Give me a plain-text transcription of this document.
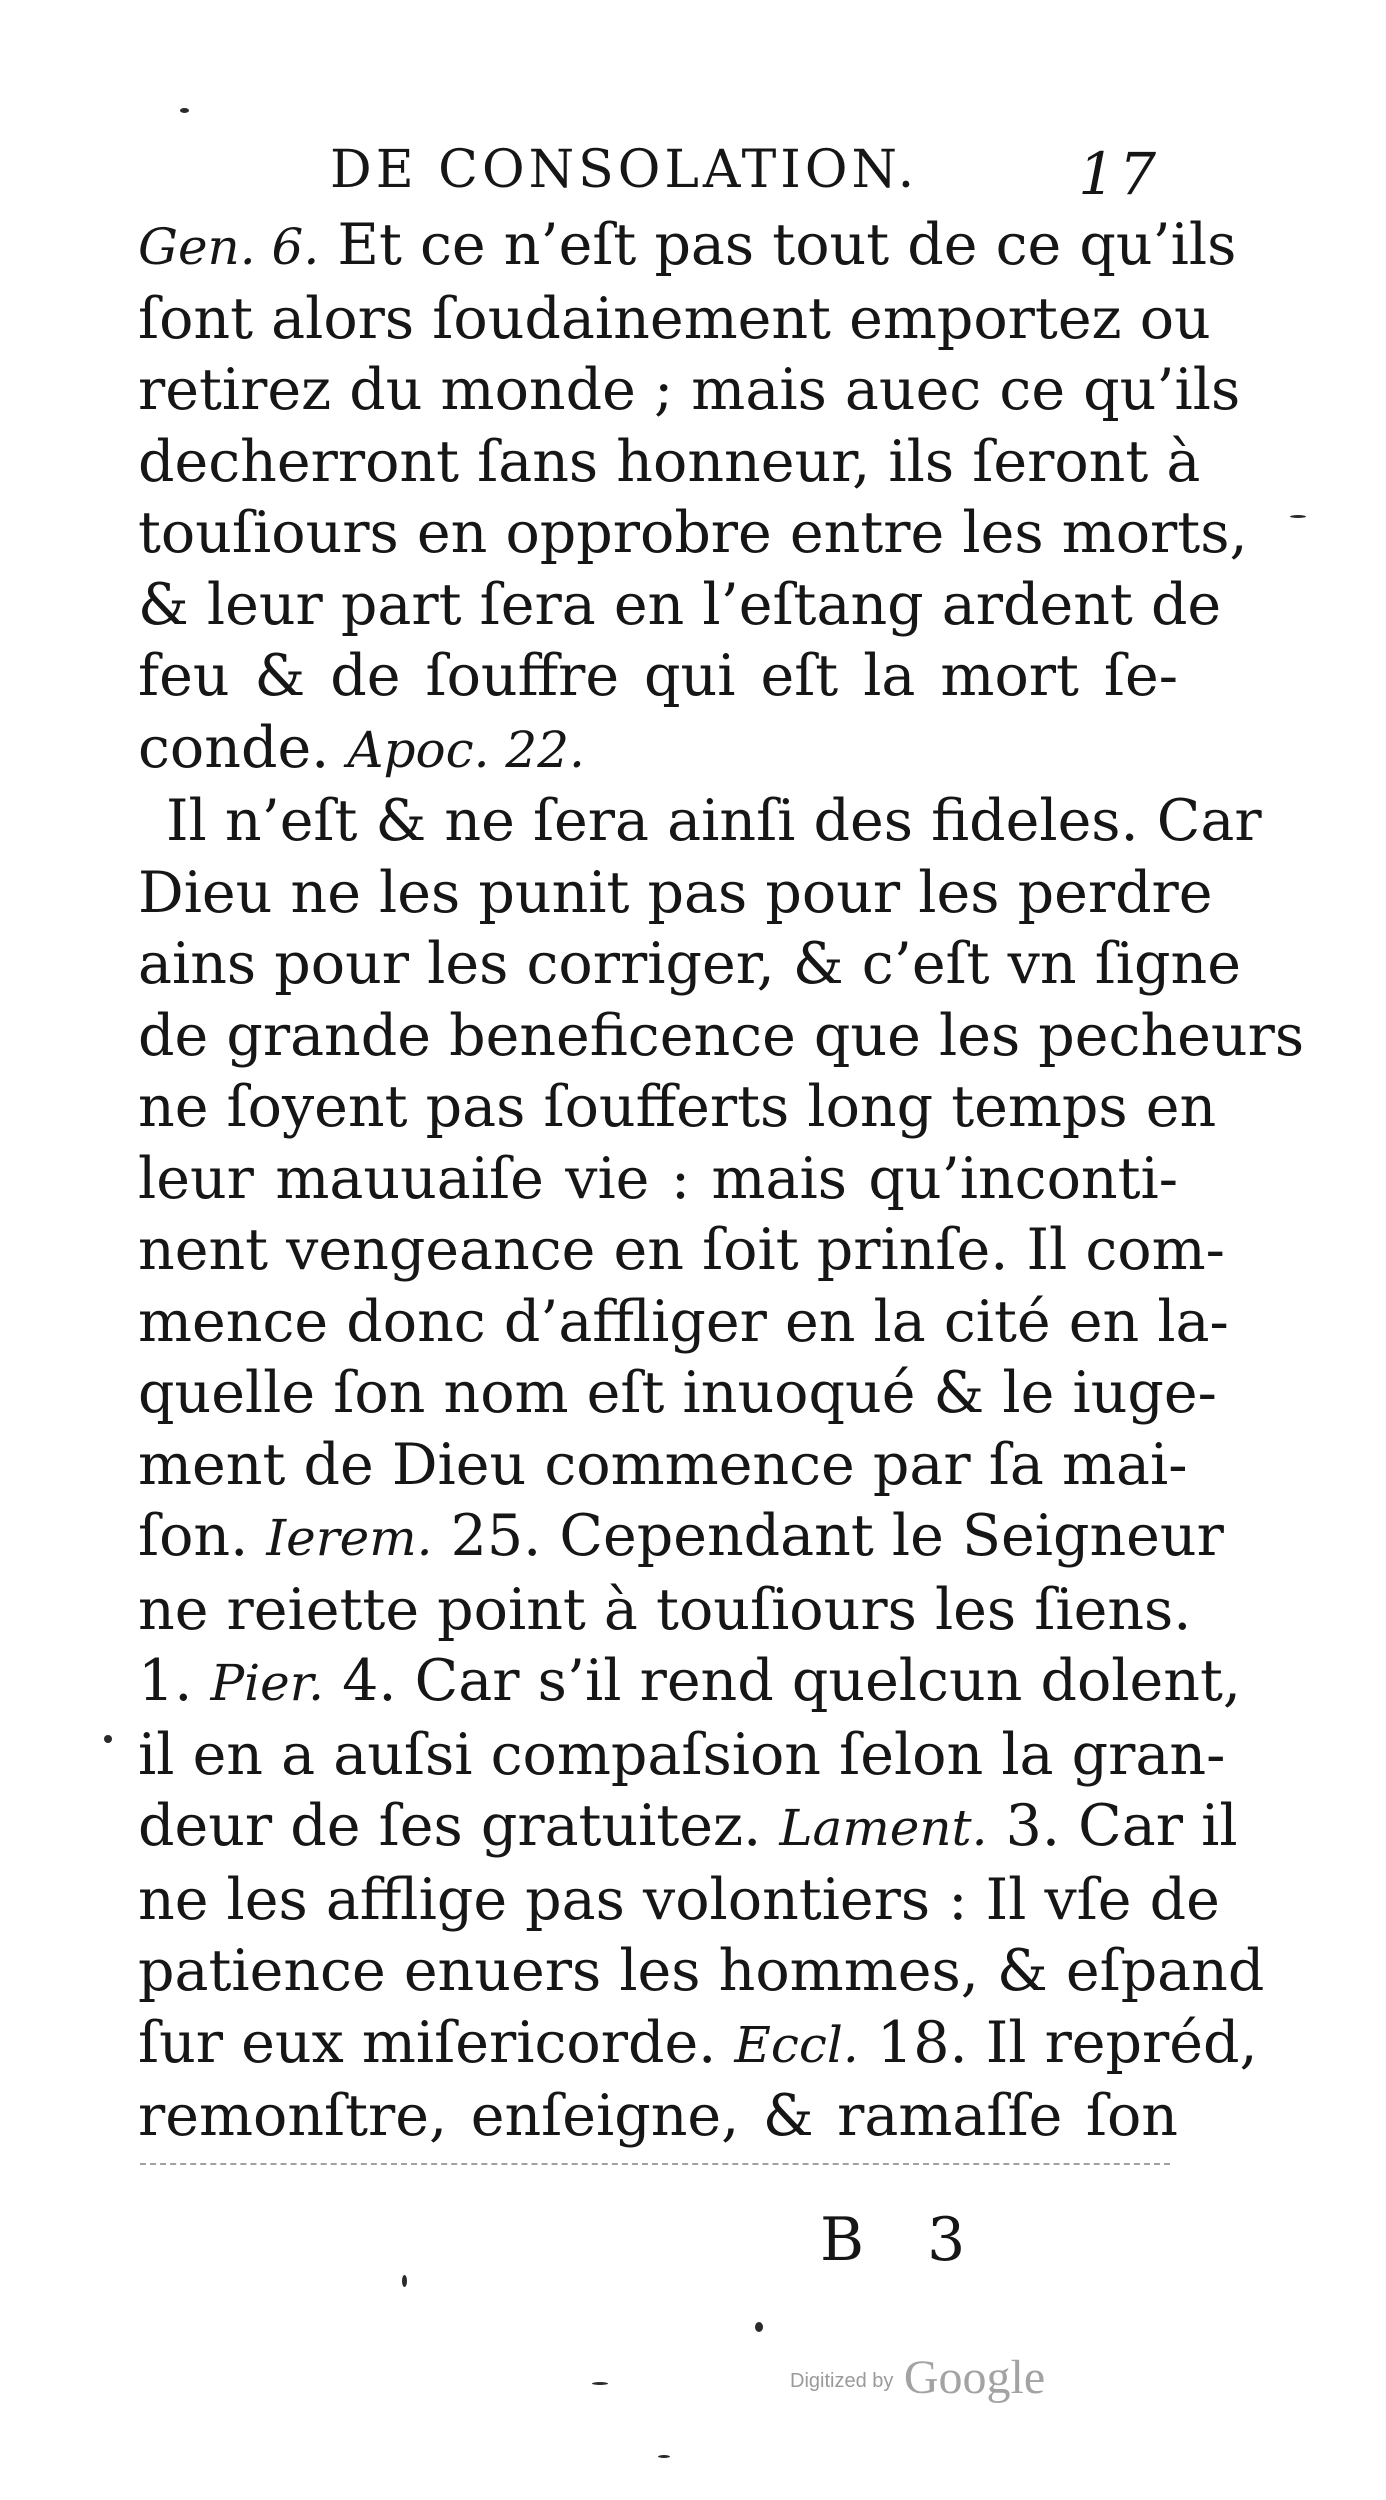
DE CONSOLATION.	17
Gen. 6. Et ce n’eſt pas tout de ce qu’ils
ſont alors ſoudainement emportez ou
retirez du monde ; mais auec ce qu’ils
decherront ſans honneur, ils ſeront à
touſiours en opprobre entre les morts,
& leur part ſera en l’eſtang ardent de
feu & de ſouffre qui eſt la mort ſe-
conde. Apoc. 22.
Il n’eſt & ne ſera ainſi des fideles. Car
Dieu ne les punit pas pour les perdre
ains pour les corriger, & c’eſt vn ſigne
de grande beneficence que les pecheurs
ne ſoyent pas ſoufferts long temps en
leur mauuaiſe vie : mais qu’inconti-
nent vengeance en ſoit prinſe. Il com-
mence donc d’affliger en la cité en la-
quelle ſon nom eſt inuoqué & le iuge-
ment de Dieu commence par ſa mai-
ſon. Ierem. 25. Cependant le Seigneur
ne reiette point à touſiours les ſiens.
1. Pier. 4. Car s’il rend quelcun dolent,
il en a auſsi compaſsion ſelon la gran-
deur de ſes gratuitez. Lament. 3. Car il
ne les afflige pas volontiers : Il vſe de
patience enuers les hommes, & eſpand
ſur eux miſericorde. Eccl. 18. Il repréd,
remonſtre, enſeigne, & ramaſſe ſon
B 3
Digitized by Google
